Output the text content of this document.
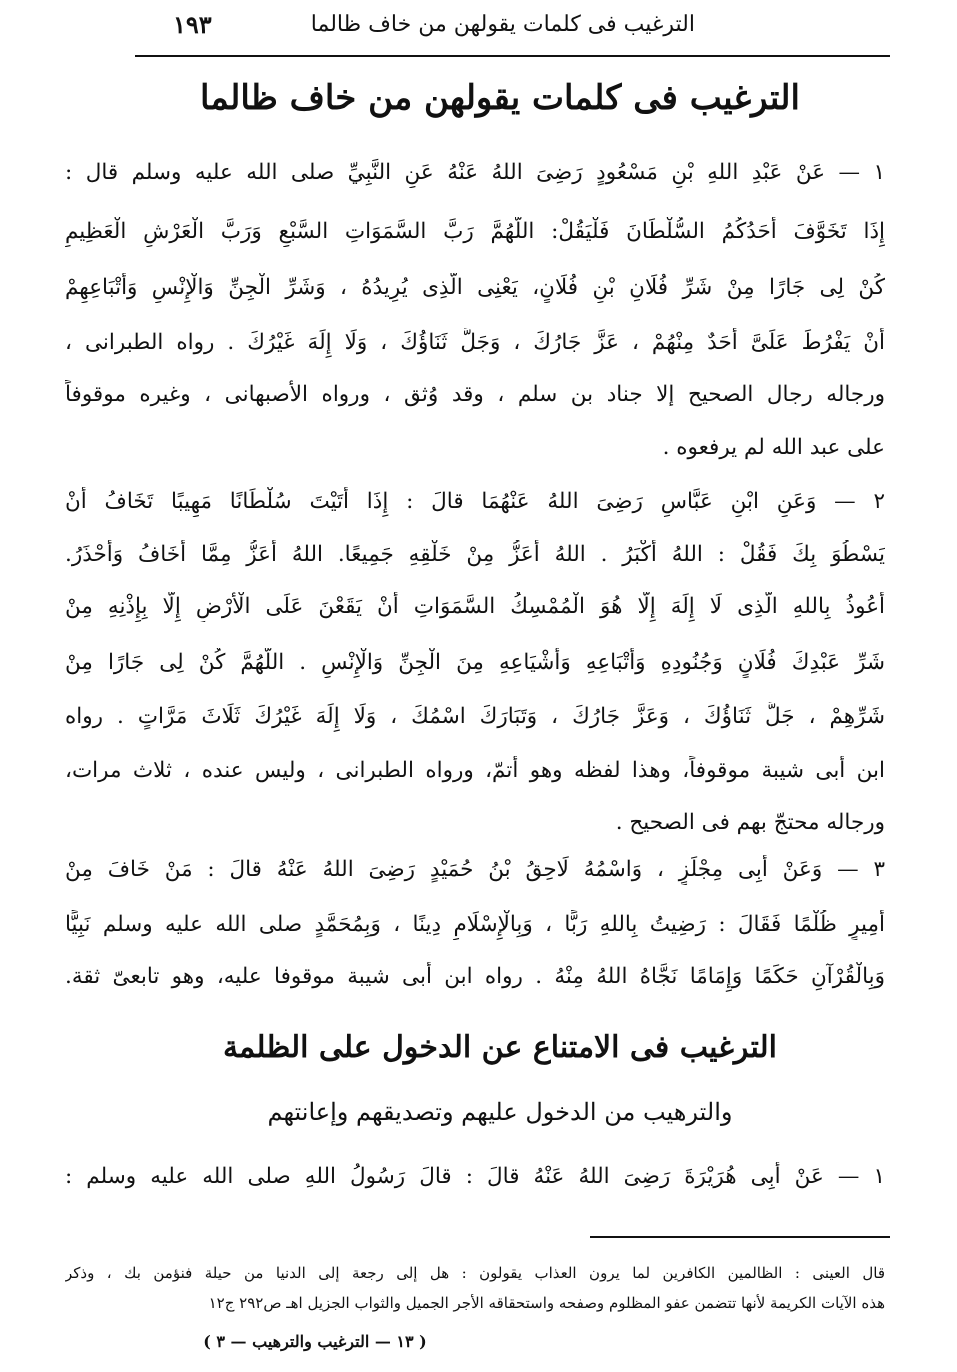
الترغيب فى كلمات يقولهن من خاف ظالما
١٩٣
الترغيب فى كلمات يقولهن من خاف ظالما
١ — عَنْ عَبْدِ اللهِ بْنِ مَسْعُودٍ رَضِىَ اللهُ عَنْهُ عَنِ النَّبِيِّ صلى الله عليه وسلم قال :
إِذَا تَخَوَّفَ أَحَدُكُمُ السُّلْطَانَ فَلْيَقُلْ: اللَّهُمَّ رَبَّ السَّمَوَاتِ السَّبْعِ وَرَبَّ الْعَرْشِ الْعَظِيمِ
كُنْ لِى جَارًا مِنْ شَرِّ فُلَانِ بْنِ فُلَانٍ، يَعْنِى الَّذِى يُرِيدُهُ ، وَشَرِّ الْجِنِّ وَالْإِنْسِ وَأَتْبَاعِهِمْ
أَنْ يَفْرُطَ عَلَىَّ أَحَدٌ مِنْهُمْ ، عَزَّ جَارُكَ ، وَجَلَّ ثَنَاؤُكَ ، وَلَا إِلَهَ غَيْرُكَ . رواه الطبرانى ،
ورجاله رجال الصحيح إلا جناد بن سلم ، وقد وُثق ، ورواه الأصبهانى ، وغيره موقوفاً
على عبد الله لم يرفعوه .
٢ — وَعَنِ ابْنِ عَبَّاسٍ رَضِىَ اللهُ عَنْهُمَا قالَ : إِذَا أَتَيْتَ سُلْطَانًا مَهِيبًا تَخَافُ أَنْ
يَسْطُوَ بِكَ فَقُلْ : اللهُ أَكْبَرُ . اللهُ أَعَزُّ مِنْ خَلْقِهِ جَمِيعًا. اللهُ أَعَزُّ مِمَّا أَخَافُ وَأَحْذَرُ.
أَعُوذُ بِاللهِ الَّذِى لَا إِلَهَ إِلَّا هُوَ الْمُمْسِكُ السَّمَوَاتِ أَنْ يَقَعْنَ عَلَى الْأَرْضِ إِلَّا بِإِذْنِهِ مِنْ
شَرِّ عَبْدِكَ فُلَانٍ وَجُنُودِهِ وَأَتْبَاعِهِ وَأَشْيَاعِهِ مِنَ الْجِنِّ وَالْإِنْسِ . اللَّهُمَّ كُنْ لِى جَارًا مِنْ
شَرِّهِمْ ، جَلَّ ثَنَاؤُكَ ، وَعَزَّ جَارُكَ ، وَتَبَارَكَ اسْمُكَ ، وَلَا إِلَهَ غَيْرُكَ ثَلَاثَ مَرَّاتٍ . رواه
ابن أبى شيبة موقوفاً، وهذا لفظه وهو أتمّ، ورواه الطبرانى ، وليس عنده ، ثلاث مرات،
ورجاله محتجّ بهم فى الصحيح .
٣ — وَعَنْ أَبِى مِجْلَزٍ ، وَاسْمُهُ لَاحِقُ بْنُ حُمَيْدٍ رَضِىَ اللهُ عَنْهُ قالَ : مَنْ خَافَ مِنْ
أَمِيرٍ ظُلْمًا فَقَالَ : رَضِيتُ بِاللهِ رَبًّا ، وَبِالْإِسْلَامِ دِينًا ، وَبِمُحَمَّدٍ صلى الله عليه وسلم نَبِيًّا
وَبِالْقُرْآنِ حَكَمًا وَإِمَامًا نَجَّاهُ اللهُ مِنْهُ . رواه ابن أبى شيبة موقوفا عليه، وهو تابعىّ ثقة.
الترغيب فى الامتناع عن الدخول على الظلمة
والترهيب من الدخول عليهم وتصديقهم وإعانتهم
١ — عَنْ أَبِى هُرَيْرَةَ رَضِىَ اللهُ عَنْهُ قالَ : قالَ رَسُولُ اللهِ صلى الله عليه وسلم :
قال العينى : الظالمين الكافرين لما يرون العذاب يقولون : هل إلى رجعة إلى الدنيا من حيلة فنؤمن بك ، وذكر
هذه الآيات الكريمة لأنها تتضمن عفو المظلوم وصفحه واستحقاقه الأجر الجميل والثواب الجزيل اهـ ص٢٩٢ ج١٢
( ١٣ — الترغيب والترهيب — ٣ )
